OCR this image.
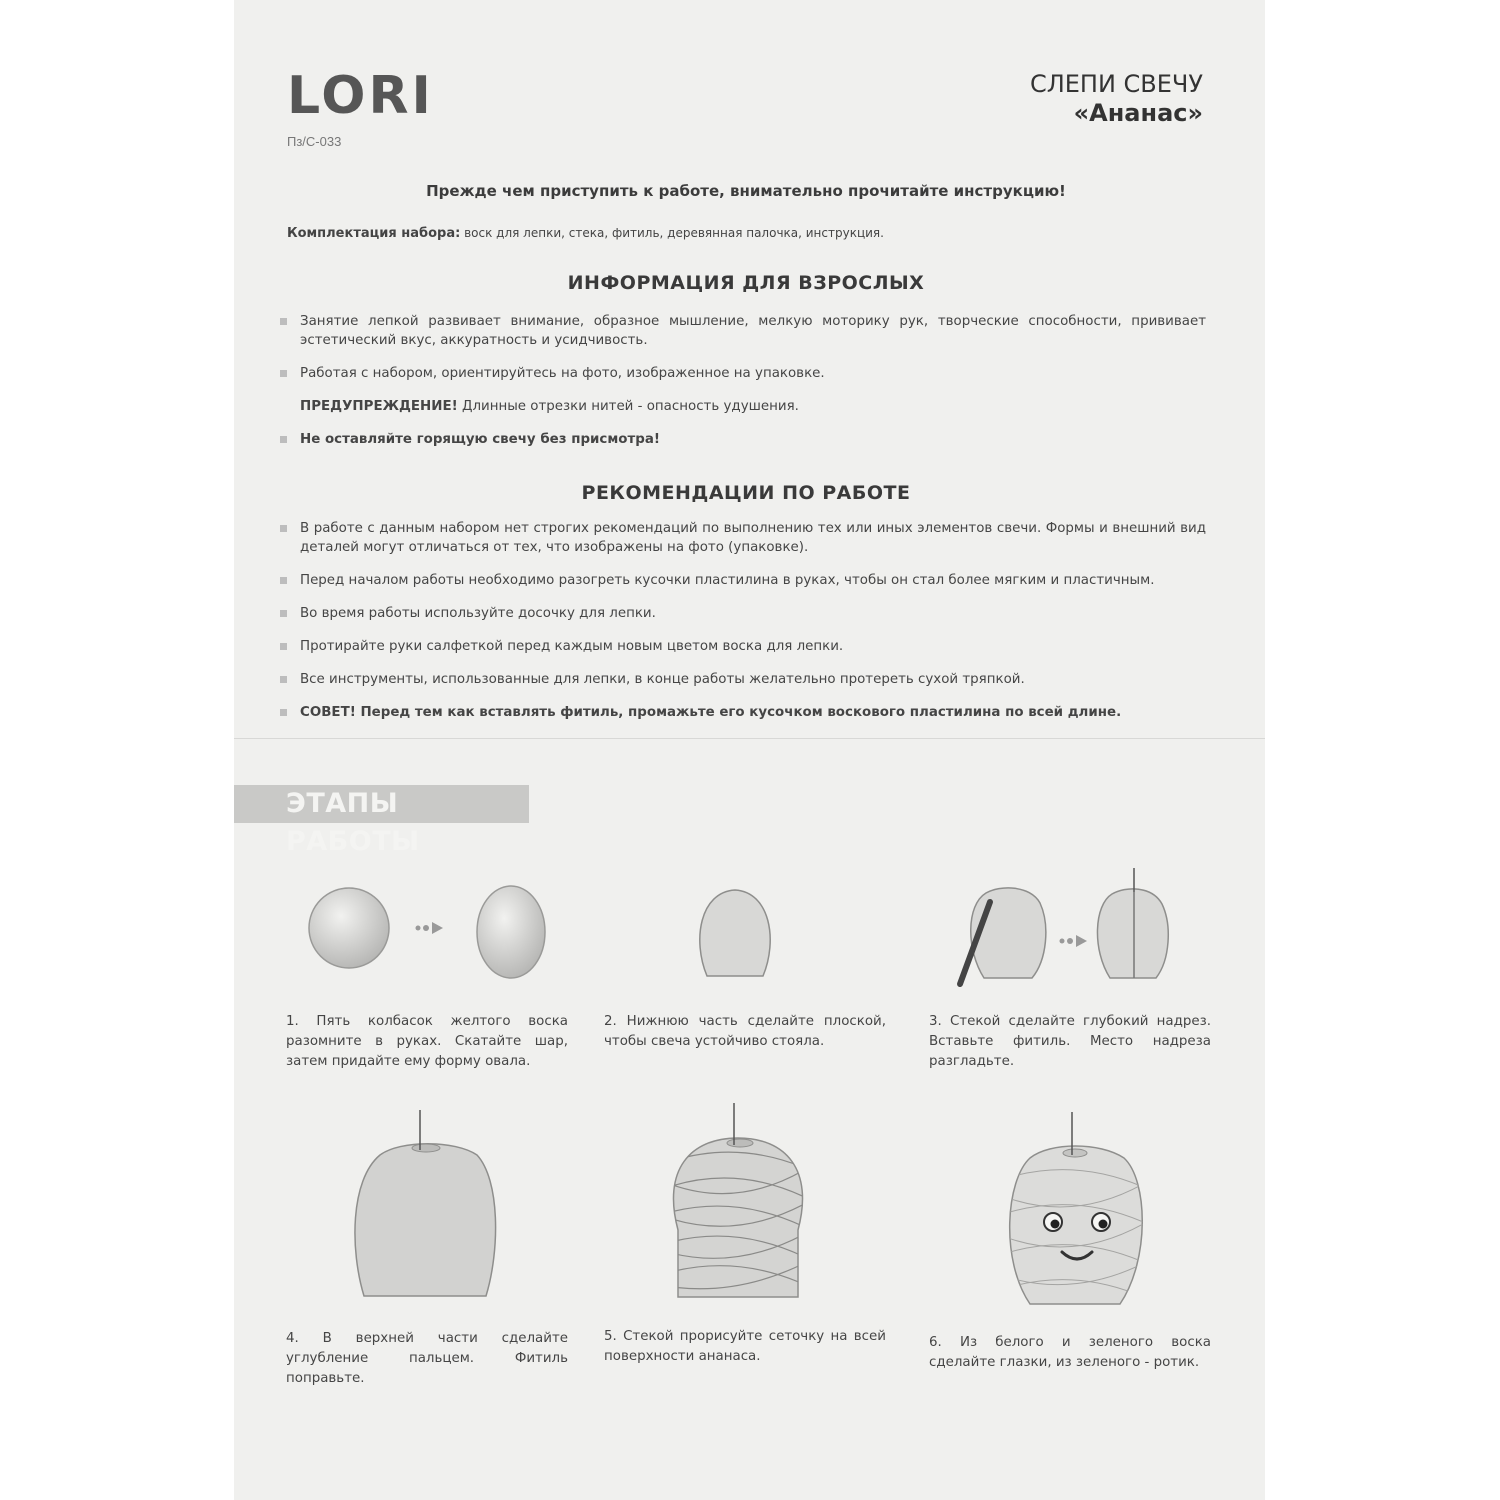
LORI
Пз/С-033
СЛЕПИ СВЕЧУ
«Ананас»
Прежде чем приступить к работе, внимательно прочитайте инструкцию!
Комплектация набора: воск для лепки, стека, фитиль, деревянная палочка, инструкция.
ИНФОРМАЦИЯ ДЛЯ ВЗРОСЛЫХ
Занятие лепкой развивает внимание, образное мышление, мелкую моторику рук, творческие способности, прививает эстетический вкус, аккуратность и усидчивость.
Работая с набором, ориентируйтесь на фото, изображенное на упаковке.
ПРЕДУПРЕЖДЕНИЕ! Длинные отрезки нитей - опасность удушения.
Не оставляйте горящую свечу без присмотра!
РЕКОМЕНДАЦИИ ПО РАБОТЕ
В работе с данным набором нет строгих рекомендаций по выполнению тех или иных элементов свечи. Формы и внешний вид деталей могут отличаться от тех, что изображены на фото (упаковке).
Перед началом работы необходимо разогреть кусочки пластилина в руках, чтобы он стал более мягким и пластичным.
Во время работы используйте досочку для лепки.
Протирайте руки салфеткой перед каждым новым цветом воска для лепки.
Все инструменты, использованные для лепки, в конце работы желательно протереть сухой тряпкой.
СОВЕТ! Перед тем как вставлять фитиль, промажьте его кусочком воскового пластилина по всей длине.
ЭТАПЫ РАБОТЫ
1. Пять колбасок желтого воска разомните в руках. Скатайте шар, затем придайте ему форму овала.
2. Нижнюю часть сделайте плоской, чтобы свеча устойчиво стояла.
3. Стекой сделайте глубокий надрез. Вставьте фитиль. Место надреза разгладьте.
4. В верхней части сделайте углубление пальцем. Фитиль поправьте.
5. Стекой прорисуйте сеточку на всей поверхности ананаса.
6. Из белого и зеленого воска сделайте глазки, из зеленого - ротик.
